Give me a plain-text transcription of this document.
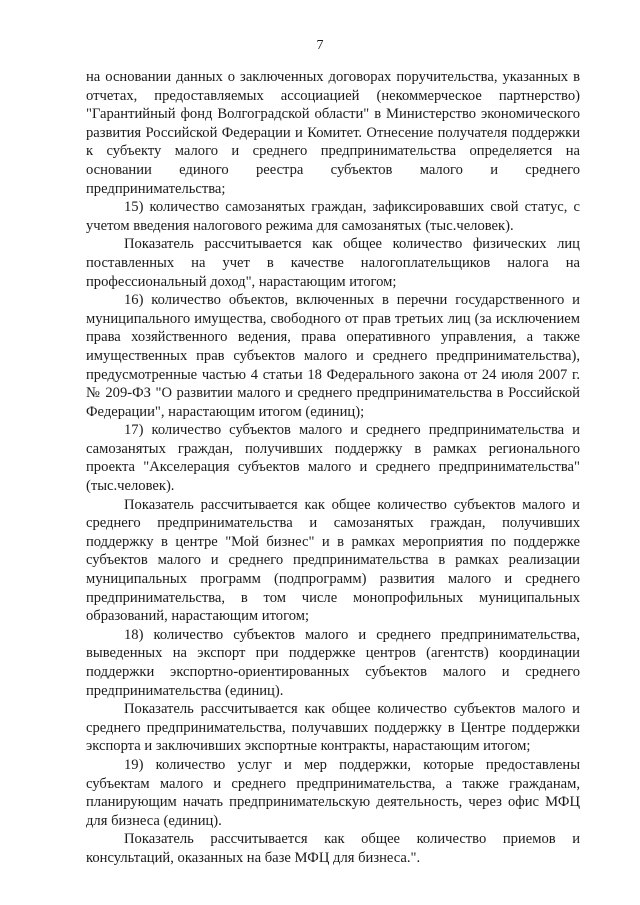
7

на основании данных о заключенных договорах поручительства, указанных в отчетах, предоставляемых ассоциацией (некоммерческое партнерство) "Гарантийный фонд Волгоградской области" в Министерство экономического развития Российской Федерации и Комитет. Отнесение получателя поддержки к субъекту малого и среднего предпринимательства определяется на основании единого реестра субъектов малого и среднего предпринимательства;

15) количество самозанятых граждан, зафиксировавших свой статус, с учетом введения налогового режима для самозанятых (тыс.человек).

Показатель рассчитывается как общее количество физических лиц поставленных на учет в качестве налогоплательщиков налога на профессиональный доход", нарастающим итогом;

16) количество объектов, включенных в перечни государственного и муниципального имущества, свободного от прав третьих лиц (за исключением права хозяйственного ведения, права оперативного управления, а также имущественных прав субъектов малого и среднего предпринимательства), предусмотренные частью 4 статьи 18 Федерального закона от 24 июля 2007 г. № 209-ФЗ "О развитии малого и среднего предпринимательства в Российской Федерации", нарастающим итогом (единиц);

17) количество субъектов малого и среднего предпринимательства и самозанятых граждан, получивших поддержку в рамках регионального проекта "Акселерация субъектов малого и среднего предпринимательства" (тыс.человек).

Показатель рассчитывается как общее количество субъектов малого и среднего предпринимательства и самозанятых граждан, получивших поддержку в центре "Мой бизнес" и в рамках мероприятия по поддержке субъектов малого и среднего предпринимательства в рамках реализации муниципальных программ (подпрограмм) развития малого и среднего предпринимательства, в том числе монопрофильных муниципальных образований, нарастающим итогом;

18) количество субъектов малого и среднего предпринимательства, выведенных на экспорт при поддержке центров (агентств) координации поддержки экспортно-ориентированных субъектов малого и среднего предпринимательства (единиц).

Показатель рассчитывается как общее количество субъектов малого и среднего предпринимательства, получавших поддержку в Центре поддержки экспорта и заключивших экспортные контракты, нарастающим итогом;

19) количество услуг и мер поддержки, которые предоставлены субъектам малого и среднего предпринимательства, а также гражданам, планирующим начать предпринимательскую деятельность, через офис МФЦ для бизнеса (единиц).

Показатель рассчитывается как общее количество приемов и консультаций, оказанных на базе МФЦ для бизнеса.".
